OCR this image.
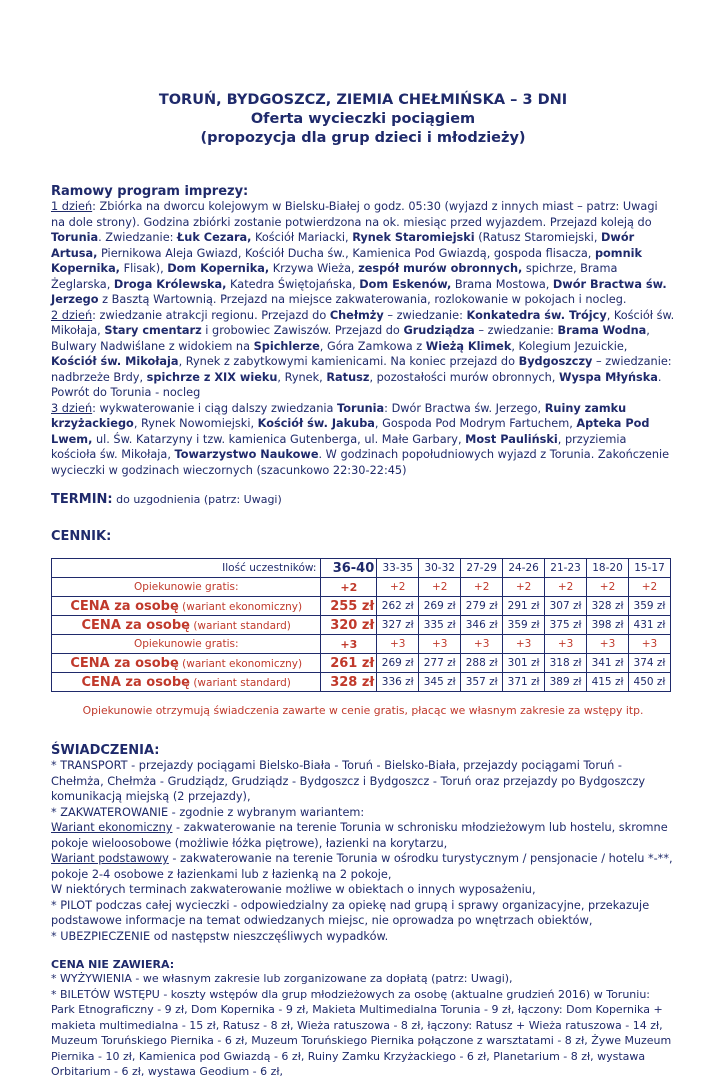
TORUŃ, BYDGOSZCZ, ZIEMIA CHEŁMIŃSKA – 3 DNI
Oferta wycieczki pociągiem
(propozycja dla grup dzieci i młodzieży)
Ramowy program imprezy:

1 dzień: Zbiórka na dworcu kolejowym w Bielsku-Białej o godz. 05:30 (wyjazd z innych miast – patrz: Uwagi na dole strony). Godzina zbiórki zostanie potwierdzona na ok. miesiąc przed wyjazdem. Przejazd koleją do Torunia. Zwiedzanie: Łuk Cezara, Kościół Mariacki, Rynek Staromiejski (Ratusz Staromiejski, Dwór Artusa, Piernikowa Aleja Gwiazd, Kościół Ducha św., Kamienica Pod Gwiazdą, gospoda flisacza, pomnik Kopernika, Flisak), Dom Kopernika, Krzywa Wieża, zespół murów obronnych, spichrze, Brama Żeglarska, Droga Królewska, Katedra Świętojańska, Dom Eskenów, Brama Mostowa, Dwór Bractwa św. Jerzego z Basztą Wartownią. Przejazd na miejsce zakwaterowania, rozlokowanie w pokojach i nocleg.
2 dzień: zwiedzanie atrakcji regionu. Przejazd do Chełmży – zwiedzanie: Konkatedra św. Trójcy, Kościół św. Mikołaja, Stary cmentarz i grobowiec Zawiszów. Przejazd do Grudziądza – zwiedzanie: Brama Wodna, Bulwary Nadwiślane z widokiem na Spichlerze, Góra Zamkowa z Wieżą Klimek, Kolegium Jezuickie, Kościół św. Mikołaja, Rynek z zabytkowymi kamienicami. Na koniec przejazd do Bydgoszczy – zwiedzanie: nadbrzeże Brdy, spichrze z XIX wieku, Rynek, Ratusz, pozostałości murów obronnych, Wyspa Młyńska. Powrót do Torunia - nocleg
3 dzień: wykwaterowanie i ciąg dalszy zwiedzania Torunia: Dwór Bractwa św. Jerzego, Ruiny zamku krzyżackiego, Rynek Nowomiejski, Kościół św. Jakuba, Gospoda Pod Modrym Fartuchem, Apteka Pod Lwem, ul. Św. Katarzyny i tzw. kamienica Gutenberga, ul. Małe Garbary, Most Pauliński, przyziemia kościoła św. Mikołaja, Towarzystwo Naukowe. W godzinach popołudniowych wyjazd z Torunia. Zakończenie wycieczki w godzinach wieczornych (szacunkowo 22:30-22:45)

TERMIN: do uzgodnienia (patrz: Uwagi)
CENNIK:
Ilość uczestników:	36-40	33-35	30-32	27-29	24-26	21-23	18-20	15-17
Opiekunowie gratis:	+2	+2	+2	+2	+2	+2	+2	+2
CENA za osobę (wariant ekonomiczny)	255 zł	262 zł	269 zł	279 zł	291 zł	307 zł	328 zł	359 zł
CENA za osobę (wariant standard)	320 zł	327 zł	335 zł	346 zł	359 zł	375 zł	398 zł	431 zł
Opiekunowie gratis:	+3	+3	+3	+3	+3	+3	+3	+3
CENA za osobę (wariant ekonomiczny)	261 zł	269 zł	277 zł	288 zł	301 zł	318 zł	341 zł	374 zł
CENA za osobę (wariant standard)	328 zł	336 zł	345 zł	357 zł	371 zł	389 zł	415 zł	450 zł
Opiekunowie otrzymują świadczenia zawarte w cenie gratis, płacąc we własnym zakresie za wstępy itp.
ŚWIADCZENIA:

* TRANSPORT - przejazdy pociągami Bielsko-Biała - Toruń - Bielsko-Biała, przejazdy pociągami Toruń - Chełmża, Chełmża - Grudziądz, Grudziądz - Bydgoszcz i Bydgoszcz - Toruń oraz przejazdy po Bydgoszczy komunikacją miejską (2 przejazdy),
* ZAKWATEROWANIE - zgodnie z wybranym wariantem:
Wariant ekonomiczny - zakwaterowanie na terenie Torunia w schronisku młodzieżowym lub hostelu, skromne pokoje wieloosobowe (możliwie łóżka piętrowe), łazienki na korytarzu,
Wariant podstawowy - zakwaterowanie na terenie Torunia w ośrodku turystycznym / pensjonacie / hotelu *-**, pokoje 2-4 osobowe z łazienkami lub z łazienką na 2 pokoje,
W niektórych terminach zakwaterowanie możliwe w obiektach o innych wyposażeniu,
* PILOT podczas całej wycieczki - odpowiedzialny za opiekę nad grupą i sprawy organizacyjne, przekazuje podstawowe informacje na temat odwiedzanych miejsc, nie oprowadza po wnętrzach obiektów,
* UBEZPIECZENIE od następstw nieszczęśliwych wypadków.

CENA NIE ZAWIERA:

* WYŻYWIENIA - we własnym zakresie lub zorganizowane za dopłatą (patrz: Uwagi),
* BILETÓW WSTĘPU - koszty wstępów dla grup młodzieżowych za osobę (aktualne grudzień 2016) w Toruniu: Park Etnograficzny - 9 zł, Dom Kopernika - 9 zł, Makieta Multimedialna Torunia - 9 zł, łączony: Dom Kopernika + makieta multimedialna - 15 zł, Ratusz - 8 zł, Wieża ratuszowa - 8 zł, łączony: Ratusz + Wieża ratuszowa - 14 zł, Muzeum Toruńskiego Piernika - 6 zł, Muzeum Toruńskiego Piernika połączone z warsztatami - 8 zł, Żywe Muzeum Piernika - 10 zł, Kamienica pod Gwiazdą - 6 zł, Ruiny Zamku Krzyżackiego - 6 zł, Planetarium - 8 zł, wystawa Orbitarium - 6 zł, wystawa Geodium - 6 zł,
